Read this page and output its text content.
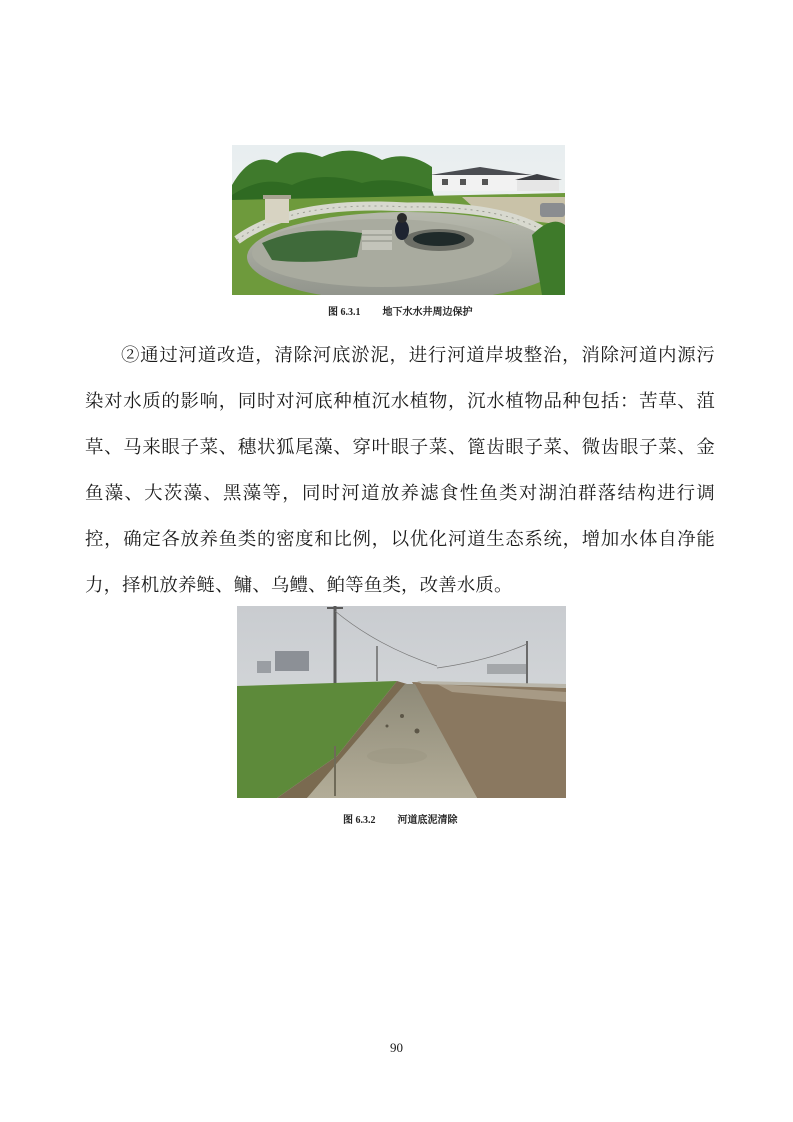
图 6.3.1 地下水水井周边保护
②通过河道改造，清除河底淤泥，进行河道岸坡整治，消除河道内源污染对水质的影响，同时对河底种植沉水植物，沉水植物品种包括：苦草、菹草、马来眼子菜、穗状狐尾藻、穿叶眼子菜、篦齿眼子菜、微齿眼子菜、金鱼藻、大茨藻、黑藻等，同时河道放养滤食性鱼类对湖泊群落结构进行调控，确定各放养鱼类的密度和比例，以优化河道生态系统，增加水体自净能力，择机放养鲢、鳙、乌鳢、鲌等鱼类，改善水质。
图 6.3.2 河道底泥清除
90
